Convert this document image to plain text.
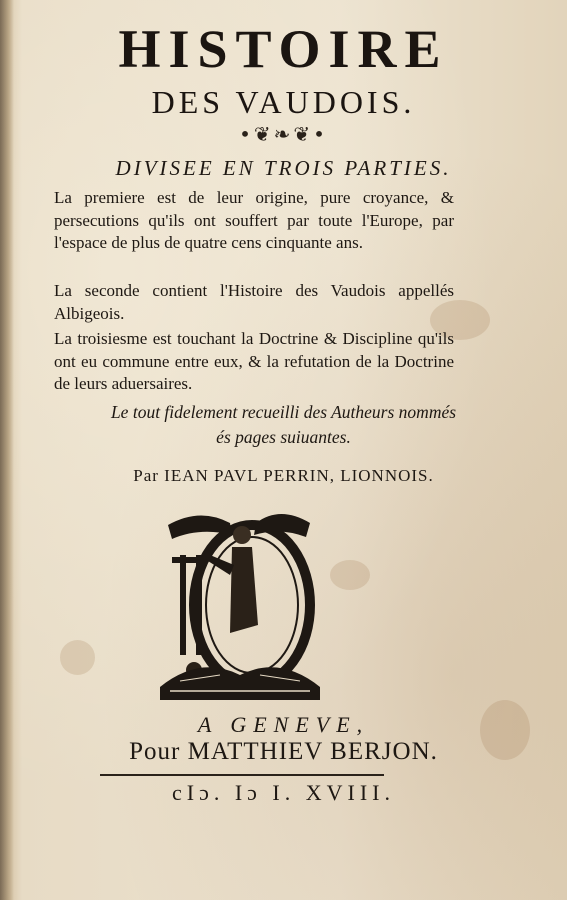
HISTOIRE
DES VAUDOIS.
•❦❧❦•
DIVISEE EN TROIS PARTIES.
La premiere est de leur origine, pure croyance, & persecutions qu'ils ont souffert par toute l'Europe, par l'espace de plus de quatre cens cinquante ans.
La seconde contient l'Histoire des Vaudois appellés Albigeois.
La troisiesme est touchant la Doctrine & Discipline qu'ils ont eu commune entre eux, & la refutation de la Doctrine de leurs aduersaires.
Le tout fidelement recueilli des Autheurs nommés
és pages suiuantes.
Par IEAN PAVL PERRIN, LIONNOIS.
A GENEVE,
Pour MATTHIEV BERJON.
cIɔ. Iɔ I. XVIII.
